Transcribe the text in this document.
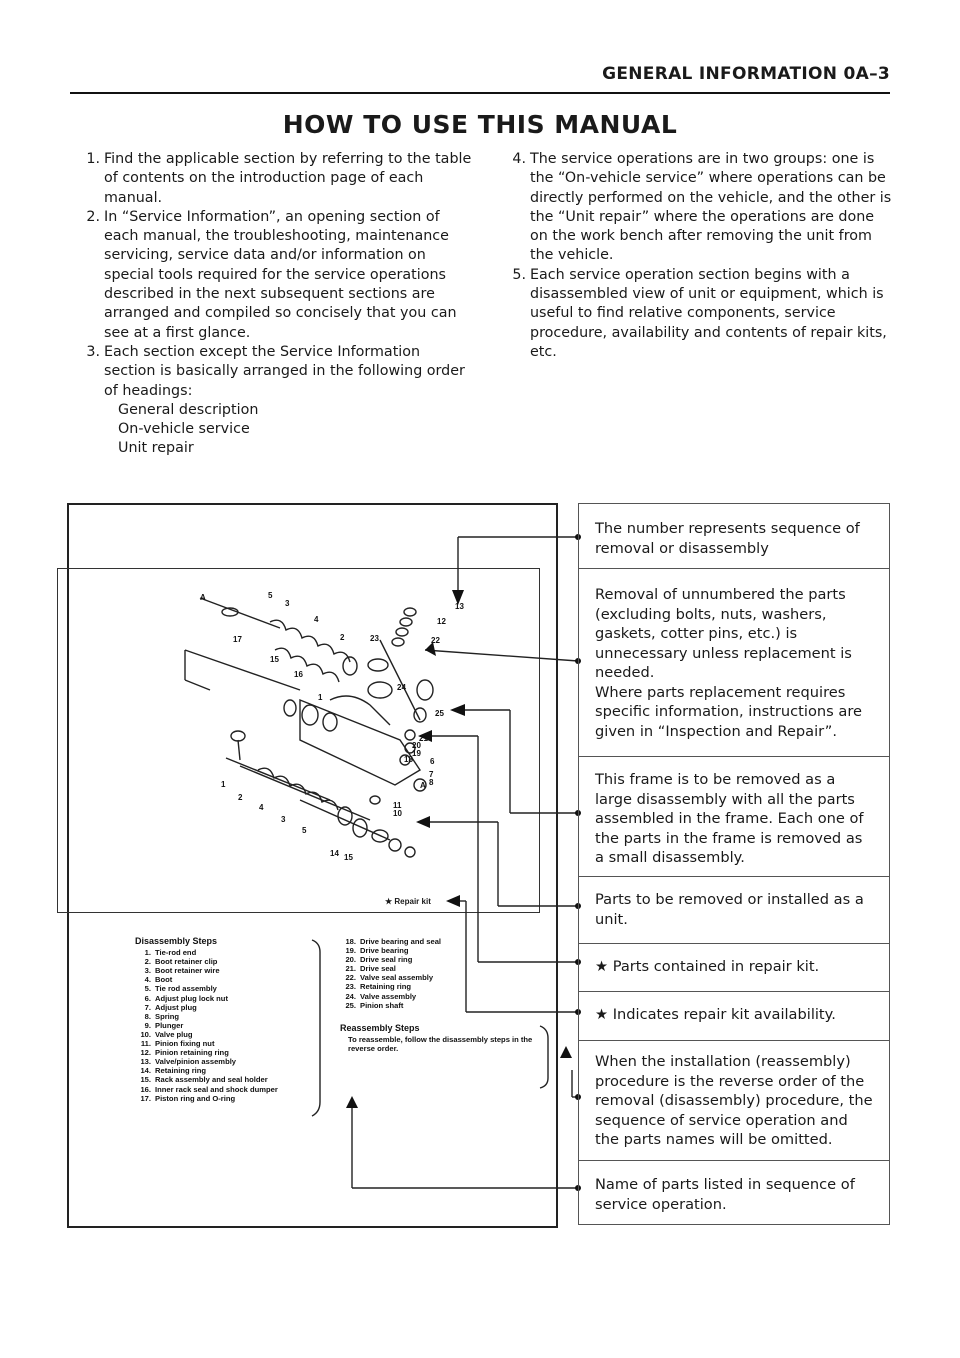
GENERAL INFORMATION 0A–3
HOW TO USE THIS MANUAL
1. Find the applicable section by referring to the table of contents on the introduction page of each manual.
2. In “Service Information”, an opening section of each manual, the troubleshooting, maintenance servicing, service data and/or information on special tools required for the service operations described in the next subsequent sections are arranged and compiled so concisely that you can see at a first glance.
3. Each section except the Service Information section is basically arranged in the following order of headings:
General description
On-vehicle service
Unit repair
4. The service operations are in two groups: one is the “On-vehicle service” where operations can be directly performed on the vehicle, and the other is the “Unit repair” where the operations are done on the work bench after removing the unit from the vehicle.
5. Each service operation section begins with a disassembled view of unit or equipment, which is useful to find relative components, service procedure, availability and contents of repair kits, etc.
A	5
3
4
2
17
15
16
1
23	22
12
13
24
25
21
20
19
18 6
7
8
A
11
10
1
2
4
3
5
14 15
★ Repair kit
Disassembly Steps
1. Tie-rod end
2. Boot retainer clip
3. Boot retainer wire
4. Boot
5. Tie rod assembly
6. Adjust plug lock nut
7. Adjust plug
8. Spring
9. Plunger
10. Valve plug
11. Pinion fixing nut
12. Pinion retaining ring
13. Valve/pinion assembly
14. Retaining ring
15. Rack assembly and seal holder
16. Inner rack seal and shock dumper
17. Piston ring and O-ring
18. Drive bearing and seal
19. Drive bearing
20. Drive seal ring
21. Drive seal
22. Valve seal assembly
23. Retaining ring
24. Valve assembly
25. Pinion shaft
Reassembly Steps
To reassemble, follow the disassembly steps in the reverse order.
The number represents sequence of removal or disassembly
Removal of unnumbered the parts (excluding bolts, nuts, washers, gaskets, cotter pins, etc.) is unnecessary unless replacement is needed.
Where parts replacement requires specific information, instructions are given in “Inspection and Repair”.
This frame is to be removed as a large disassembly with all the parts assembled in the frame. Each one of the parts in the frame is removed as a small disassembly.
Parts to be removed or installed as a unit.
★ Parts contained in repair kit.
★ Indicates repair kit availability.
When the installation (reassembly) procedure is the reverse order of the removal (disassembly) procedure, the sequence of service operation and the parts names will be omitted.
Name of parts listed in sequence of service operation.
